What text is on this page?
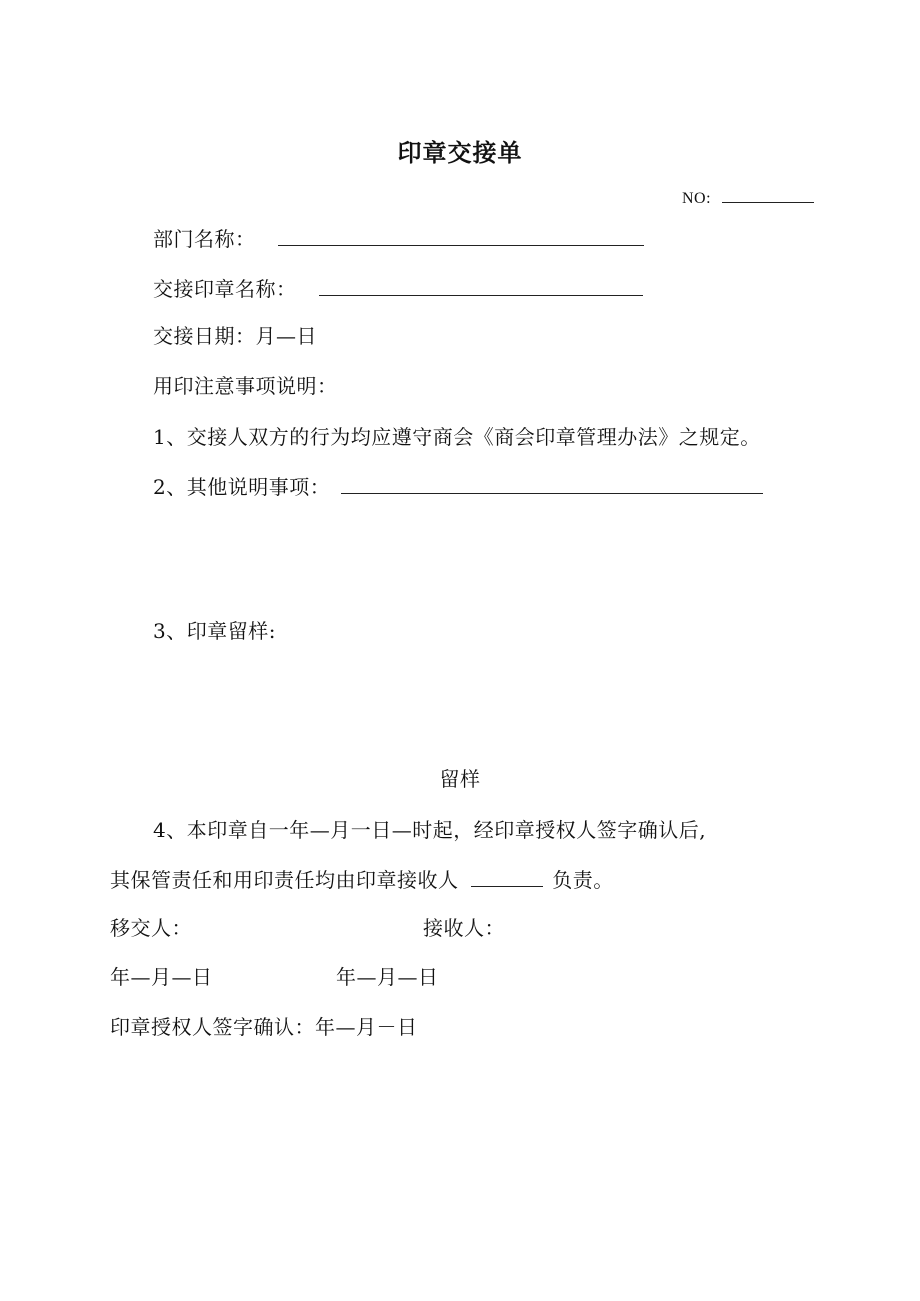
印章交接单
NO:
部门名称：
交接印章名称：
交接日期：月—日
用印注意事项说明：
1、交接人双方的行为均应遵守商会《商会印章管理办法》之规定。
2、其他说明事项：
3、印章留样:
留样
4、本印章自一年—月一日—时起，经印章授权人签字确认后,
其保管责任和用印责任均由印章接收人	负责。
移交人：	接收人：
年—月—日	年—月—日
印章授权人签字确认：年—月－日
